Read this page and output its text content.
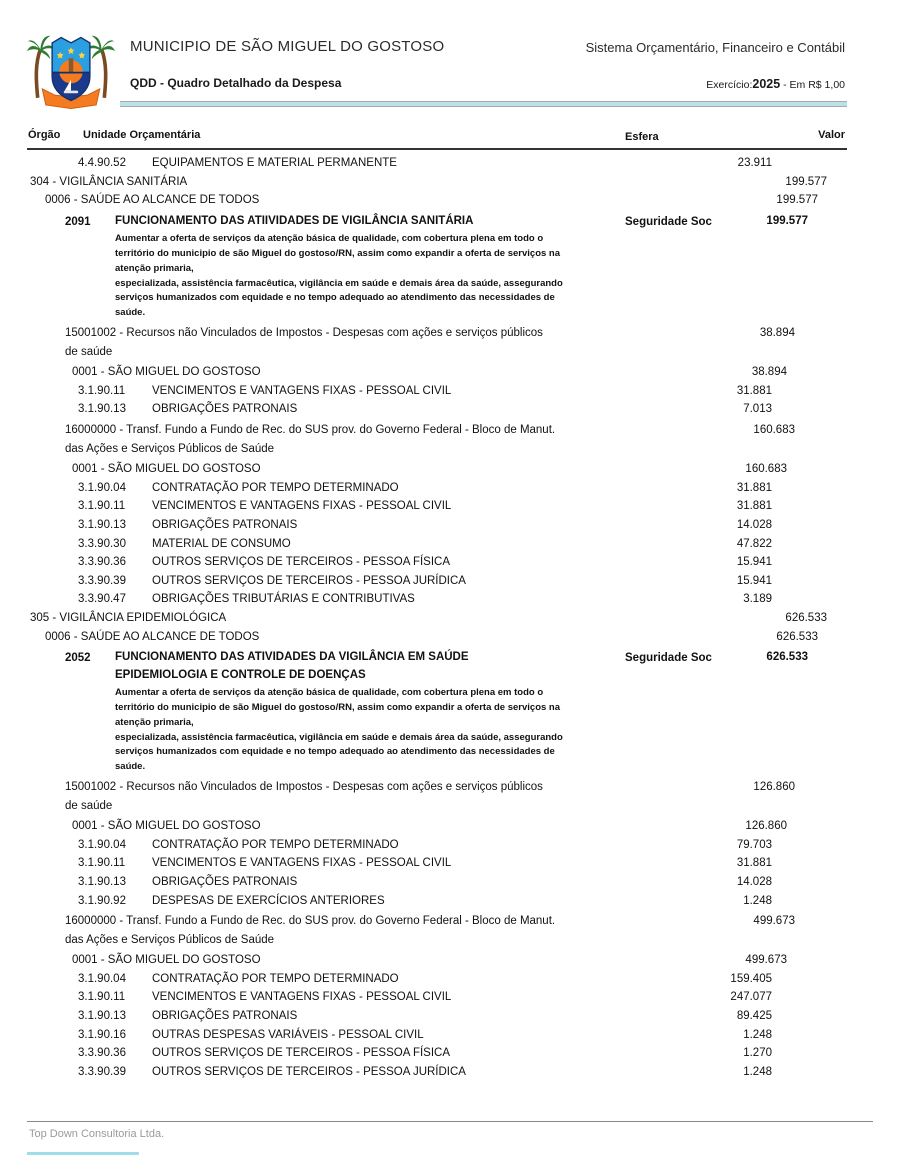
MUNICIPIO DE SÃO MIGUEL DO GOSTOSO	Sistema Orçamentário, Financeiro e Contábil
QDD - Quadro Detalhado da Despesa	Exercício:2025 - Em R$ 1,00
Órgão Unidade Orçamentária	Esfera	Valor
4.4.90.52 EQUIPAMENTOS E MATERIAL PERMANENTE	23.911
304 - VIGILÂNCIA SANITÁRIA	199.577
0006 - SAÚDE AO ALCANCE DE TODOS	199.577
2091 FUNCIONAMENTO DAS ATIIVIDADES DE VIGILÂNCIA SANITÁRIA	Seguridade Soc	199.577
Aumentar a oferta de serviços da atenção básica de qualidade, com cobertura plena em todo o
território do municipio de são Miguel do gostoso/RN, assim como expandir a oferta de serviços na
atenção primaria,
especializada, assistência farmacêutica, vigilância em saúde e demais área da saúde, assegurando
serviços humanizados com equidade e no tempo adequado ao atendimento das necessidades de
saúde.
15001002 - Recursos não Vinculados de Impostos - Despesas com ações e serviços públicos
de saúde
38.894
0001 - SÃO MIGUEL DO GOSTOSO	38.894
3.1.90.11 VENCIMENTOS E VANTAGENS FIXAS - PESSOAL CIVIL	31.881
3.1.90.13 OBRIGAÇÕES PATRONAIS	7.013
16000000 - Transf. Fundo a Fundo de Rec. do SUS prov. do Governo Federal - Bloco de Manut.
das Ações e Serviços Públicos de Saúde
160.683
0001 - SÃO MIGUEL DO GOSTOSO	160.683
3.1.90.04 CONTRATAÇÃO POR TEMPO DETERMINADO	31.881
3.1.90.11 VENCIMENTOS E VANTAGENS FIXAS - PESSOAL CIVIL	31.881
3.1.90.13 OBRIGAÇÕES PATRONAIS	14.028
3.3.90.30 MATERIAL DE CONSUMO	47.822
3.3.90.36 OUTROS SERVIÇOS DE TERCEIROS - PESSOA FÍSICA	15.941
3.3.90.39 OUTROS SERVIÇOS DE TERCEIROS - PESSOA JURÍDICA	15.941
3.3.90.47 OBRIGAÇÕES TRIBUTÁRIAS E CONTRIBUTIVAS	3.189
305 - VIGILÂNCIA EPIDEMIOLÓGICA	626.533
0006 - SAÚDE AO ALCANCE DE TODOS	626.533
2052 FUNCIONAMENTO DAS ATIVIDADES DA VIGILÂNCIA EM SAÚDE
EPIDEMIOLOGIA E CONTROLE DE DOENÇAS
Seguridade Soc	626.533
Aumentar a oferta de serviços da atenção básica de qualidade, com cobertura plena em todo o
território do municipio de são Miguel do gostoso/RN, assim como expandir a oferta de serviços na
atenção primaria,
especializada, assistência farmacêutica, vigilância em saúde e demais área da saúde, assegurando
serviços humanizados com equidade e no tempo adequado ao atendimento das necessidades de
saúde.
15001002 - Recursos não Vinculados de Impostos - Despesas com ações e serviços públicos
de saúde
126.860
0001 - SÃO MIGUEL DO GOSTOSO	126.860
3.1.90.04 CONTRATAÇÃO POR TEMPO DETERMINADO	79.703
3.1.90.11 VENCIMENTOS E VANTAGENS FIXAS - PESSOAL CIVIL	31.881
3.1.90.13 OBRIGAÇÕES PATRONAIS	14.028
3.1.90.92 DESPESAS DE EXERCÍCIOS ANTERIORES	1.248
16000000 - Transf. Fundo a Fundo de Rec. do SUS prov. do Governo Federal - Bloco de Manut.
das Ações e Serviços Públicos de Saúde
499.673
0001 - SÃO MIGUEL DO GOSTOSO	499.673
3.1.90.04 CONTRATAÇÃO POR TEMPO DETERMINADO	159.405
3.1.90.11 VENCIMENTOS E VANTAGENS FIXAS - PESSOAL CIVIL	247.077
3.1.90.13 OBRIGAÇÕES PATRONAIS	89.425
3.1.90.16 OUTRAS DESPESAS VARIÁVEIS - PESSOAL CIVIL	1.248
3.3.90.36 OUTROS SERVIÇOS DE TERCEIROS - PESSOA FÍSICA	1.270
3.3.90.39 OUTROS SERVIÇOS DE TERCEIROS - PESSOA JURÍDICA	1.248
Top Down Consultoria Ltda.
